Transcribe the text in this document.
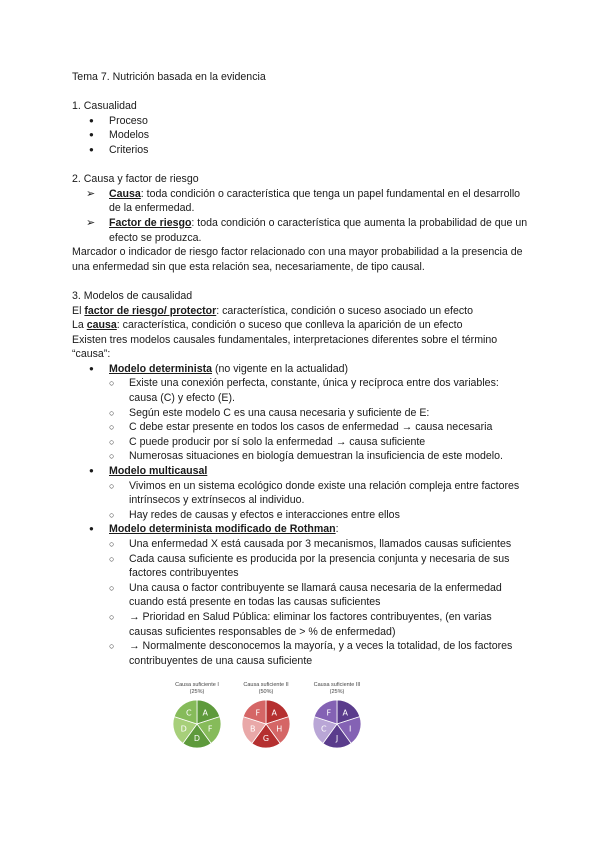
Tema 7. Nutrición basada en la evidencia

1. Casualidad

● Proceso
● Modelos
● Criterios

2. Causa y factor de riesgo

➢ Causa: toda condición o característica que tenga un papel fundamental en el desarrollo de la enfermedad.
➢ Factor de riesgo: toda condición o característica que aumenta la probabilidad de que un efecto se produzca.

Marcador o indicador de riesgo factor relacionado con una mayor probabilidad a la presencia de una enfermedad sin que esta relación sea, necesariamente, de tipo causal.

3. Modelos de causalidad

El factor de riesgo/ protector: característica, condición o suceso asociado un efecto

La causa: característica, condición o suceso que conlleva la aparición de un efecto

Existen tres modelos causales fundamentales, interpretaciones diferentes sobre el término “causa”:

● Modelo determinista (no vigente en la actualidad)
○ Existe una conexión perfecta, constante, única y recíproca entre dos variables: causa (C) y efecto (E).
○ Según este modelo C es una causa necesaria y suficiente de E:
○ C debe estar presente en todos los casos de enfermedad → causa necesaria
○ C puede producir por sí solo la enfermedad → causa suficiente
○ Numerosas situaciones en biología demuestran la insuficiencia de este modelo.
● Modelo multicausal
○ Vivimos en un sistema ecológico donde existe una relación compleja entre factores intrínsecos y extrínsecos al individuo.
○ Hay redes de causas y efectos e interacciones entre ellos
● Modelo determinista modificado de Rothman:
○ Una enfermedad X está causada por 3 mecanismos, llamados causas suficientes
○ Cada causa suficiente es producida por la presencia conjunta y necesaria de sus factores contribuyentes
○ Una causa o factor contribuyente se llamará causa necesaria de la enfermedad cuando está presente en todas las causas suficientes
○ → Prioridad en Salud Pública: eliminar los factores contribuyentes, (en varias causas suficientes responsables de > % de enfermedad)
○ → Normalmente desconocemos la mayoría, y a veces la totalidad, de los factores contribuyentes de una causa suficiente
Causa suficiente I
(25%)
A
F
D
D
C
Causa suficiente II
(50%)
A
H
G
B
F
Causa suficiente III
(25%)
A
I
J
C
F
